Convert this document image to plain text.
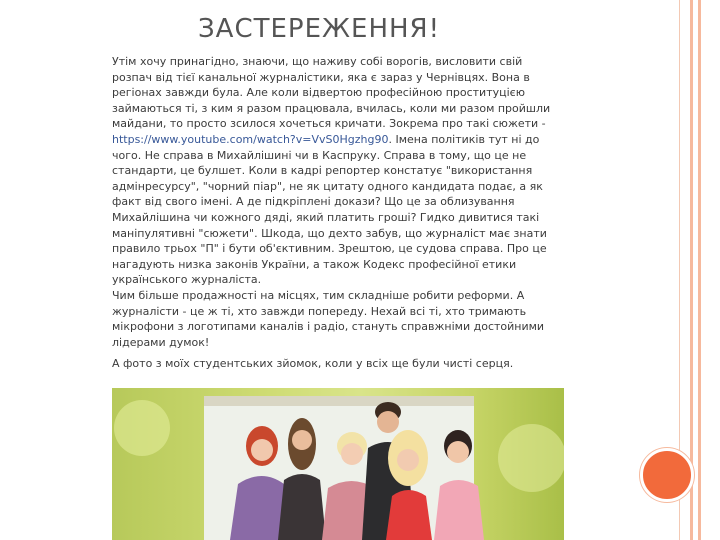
ЗАСТЕРЕЖЕННЯ!

Утім хочу принагідно, знаючи, що наживу собі ворогів, висловити свій розпач від тієї канальної журналістики, яка є зараз у Чернівцях. Вона в регіонах завжди була. Але коли відвертою професійною проституцією займаються ті, з ким я разом працювала, вчилась, коли ми разом пройшли майдани, то просто зсилося хочеться кричати. Зокрема про такі сюжети - https://www.youtube.com/watch?v=VvS0Hgzhg90. Імена політиків тут ні до чого. Не справа в Михайлішині чи в Каспруку. Справа в тому, що це не стандарти, це булшет. Коли в кадрі репортер констатує "використання адмінресурсу", "чорний піар", не як цитату одного кандидата подає, а як факт від свого імені. А де підкріплені докази? Що це за облизування Михайлішина чи кожного дяді, який платить гроші? Гидко дивитися такі маніпулятивні "сюжети". Шкода, що дехто забув, що журналіст має знати правило трьох "П" і бути об'єктивним. Зрештою, це судова справа. Про це нагадують низка законів України, а також Кодекс професійної етики українського журналіста.

Чим більше продажності на місцях, тим складніше робити реформи. А журналісти - це ж ті, хто завжди попереду. Нехай всі ті, хто тримають мікрофони з логотипами каналів і радіо, стануть справжніми достойними лідерами думок!

А фото з моїх студентських зйомок, коли у всіх ще були чисті серця.
